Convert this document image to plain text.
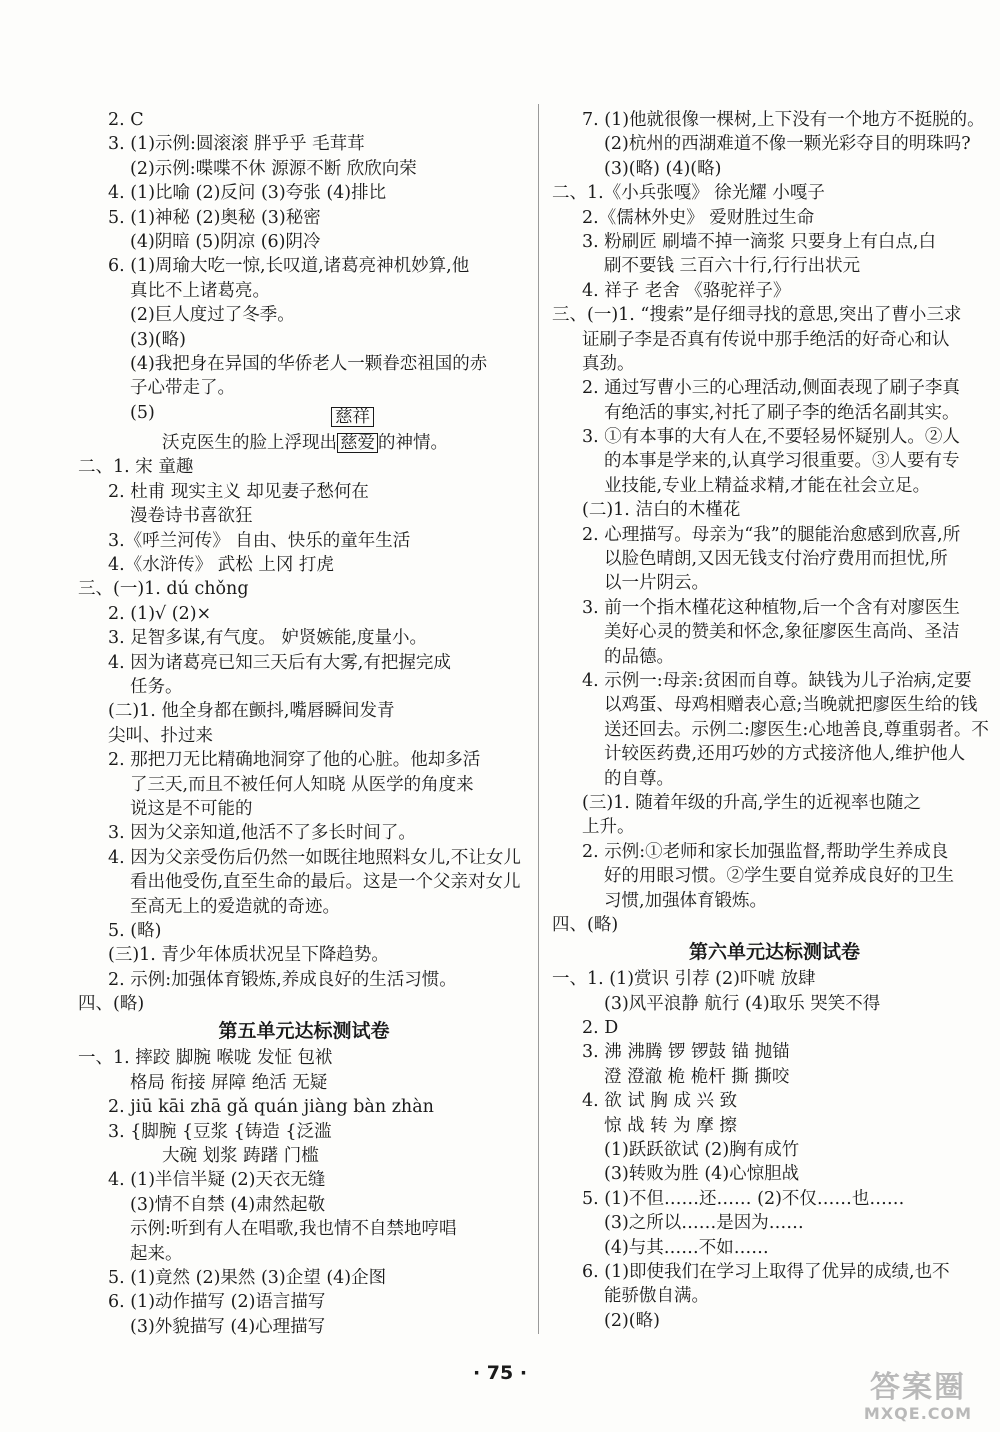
2. C
3. (1)示例:圆滚滚 胖乎乎 毛茸茸
(2)示例:喋喋不休 源源不断 欣欣向荣
4. (1)比喻 (2)反问 (3)夸张 (4)排比
5. (1)神秘 (2)奥秘 (3)秘密
(4)阴暗 (5)阴凉 (6)阴冷
6. (1)周瑜大吃一惊,长叹道,诸葛亮神机妙算,他
真比不上诸葛亮。
(2)巨人度过了冬季。
(3)(略)
(4)我把身在异国的华侨老人一颗眷恋祖国的赤
子心带走了。
(5)
沃克医生的脸上浮现出 慈爱
慈祥
的神情。
二、1. 宋 童趣
2. 杜甫 现实主义 却见妻子愁何在
漫卷诗书喜欲狂
3.《呼兰河传》 自由、快乐的童年生活
4.《水浒传》 武松 上冈 打虎
三、(一)1. dú chǒng
2. (1)√ (2)×
3. 足智多谋,有气度。 妒贤嫉能,度量小。
4. 因为诸葛亮已知三天后有大雾,有把握完成
任务。
(二)1. 他全身都在颤抖,嘴唇瞬间发青
尖叫、扑过来
2. 那把刀无比精确地洞穿了他的心脏。他却多活
了三天,而且不被任何人知晓 从医学的角度来
说这是不可能的
3. 因为父亲知道,他活不了多长时间了。
4. 因为父亲受伤后仍然一如既往地照料女儿,不让女儿
看出他受伤,直至生命的最后。这是一个父亲对女儿
至高无上的爱造就的奇迹。
5. (略)
(三)1. 青少年体质状况呈下降趋势。
2. 示例:加强体育锻炼,养成良好的生活习惯。
四、(略)
第五单元达标测试卷
一、1. 摔跤 脚腕 喉咙 发怔 包袱
格局 衔接 屏障 绝活 无疑
2. jiū kāi zhā gǎ quán jiàng bàn zhàn
3. {脚腕 {豆浆 {铸造 {泛滥
大碗 划浆 踌躇 门槛
4. (1)半信半疑 (2)天衣无缝
(3)情不自禁 (4)肃然起敬
示例:听到有人在唱歌,我也情不自禁地哼唱
起来。
5. (1)竟然 (2)果然 (3)企望 (4)企图
6. (1)动作描写 (2)语言描写
(3)外貌描写 (4)心理描写
7. (1)他就很像一棵树,上下没有一个地方不挺脱的。
(2)杭州的西湖难道不像一颗光彩夺目的明珠吗?
(3)(略) (4)(略)
二、1.《小兵张嘎》 徐光耀 小嘎子
2.《儒林外史》 爱财胜过生命
3. 粉刷匠 刷墙不掉一滴浆 只要身上有白点,白
刷不要钱 三百六十行,行行出状元
4. 祥子 老舍 《骆驼祥子》
三、(一)1. “搜索”是仔细寻找的意思,突出了曹小三求
证刷子李是否真有传说中那手绝活的好奇心和认
真劲。
2. 通过写曹小三的心理活动,侧面表现了刷子李真
有绝活的事实,衬托了刷子李的绝活名副其实。
3. ①有本事的大有人在,不要轻易怀疑别人。②人
的本事是学来的,认真学习很重要。③人要有专
业技能,专业上精益求精,才能在社会立足。
(二)1. 洁白的木槿花
2. 心理描写。母亲为“我”的腿能治愈感到欣喜,所
以脸色晴朗,又因无钱支付治疗费用而担忧,所
以一片阴云。
3. 前一个指木槿花这种植物,后一个含有对廖医生
美好心灵的赞美和怀念,象征廖医生高尚、圣洁
的品德。
4. 示例一:母亲:贫困而自尊。缺钱为儿子治病,定要
以鸡蛋、母鸡相赠表心意;当晚就把廖医生给的钱
送还回去。示例二:廖医生:心地善良,尊重弱者。不
计较医药费,还用巧妙的方式接济他人,维护他人
的自尊。
(三)1. 随着年级的升高,学生的近视率也随之
上升。
2. 示例:①老师和家长加强监督,帮助学生养成良
好的用眼习惯。②学生要自觉养成良好的卫生
习惯,加强体育锻炼。
四、(略)
第六单元达标测试卷
一、1. (1)赏识 引荐 (2)吓唬 放肆
(3)风平浪静 航行 (4)取乐 哭笑不得
2. D
3. 沸 沸腾 锣 锣鼓 锚 抛锚
澄 澄澈 桅 桅杆 撕 撕咬
4. 欲 试 胸 成 兴 致
惊 战 转 为 摩 擦
(1)跃跃欲试 (2)胸有成竹
(3)转败为胜 (4)心惊胆战
5. (1)不但……还…… (2)不仅……也……
(3)之所以……是因为……
(4)与其……不如……
6. (1)即使我们在学习上取得了优异的成绩,也不
能骄傲自满。
(2)(略)
· 75 ·	答案圈
MXQE.COM
